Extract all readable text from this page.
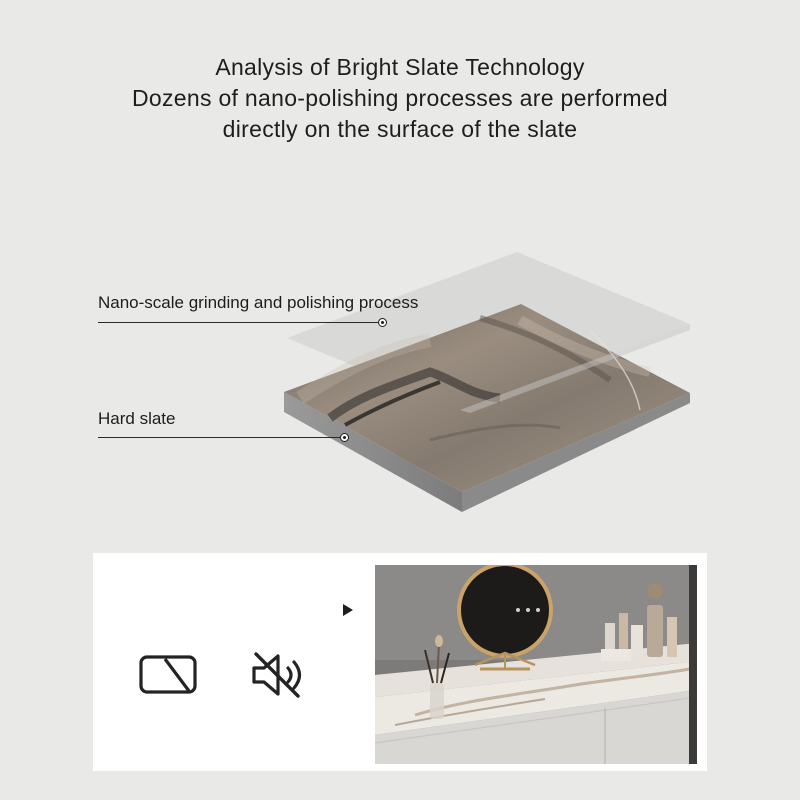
Analysis of Bright Slate Technology
Dozens of nano-polishing processes are performed
directly on the surface of the slate
Nano-scale grinding and polishing process
Hard slate
